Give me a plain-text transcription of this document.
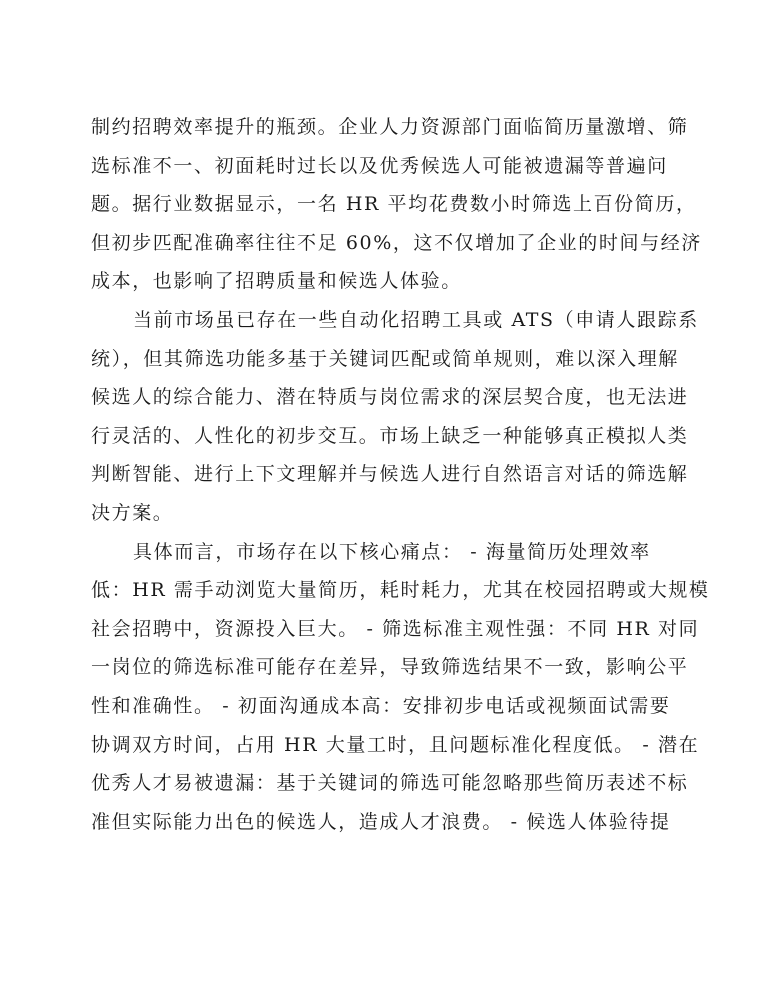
制约招聘效率提升的瓶颈。企业人力资源部门面临简历量激增、筛
选标准不一、初面耗时过长以及优秀候选人可能被遗漏等普遍问
题。据行业数据显示，一名 HR 平均花费数小时筛选上百份简历，
但初步匹配准确率往往不足 60%，这不仅增加了企业的时间与经济
成本，也影响了招聘质量和候选人体验。
当前市场虽已存在一些自动化招聘工具或 ATS（申请人跟踪系
统），但其筛选功能多基于关键词匹配或简单规则，难以深入理解
候选人的综合能力、潜在特质与岗位需求的深层契合度，也无法进
行灵活的、人性化的初步交互。市场上缺乏一种能够真正模拟人类
判断智能、进行上下文理解并与候选人进行自然语言对话的筛选解
决方案。
具体而言，市场存在以下核心痛点： - 海量简历处理效率
低：HR 需手动浏览大量简历，耗时耗力，尤其在校园招聘或大规模
社会招聘中，资源投入巨大。 - 筛选标准主观性强：不同 HR 对同
一岗位的筛选标准可能存在差异，导致筛选结果不一致，影响公平
性和准确性。 - 初面沟通成本高：安排初步电话或视频面试需要
协调双方时间，占用 HR 大量工时，且问题标准化程度低。 - 潜在
优秀人才易被遗漏：基于关键词的筛选可能忽略那些简历表述不标
准但实际能力出色的候选人，造成人才浪费。 - 候选人体验待提
